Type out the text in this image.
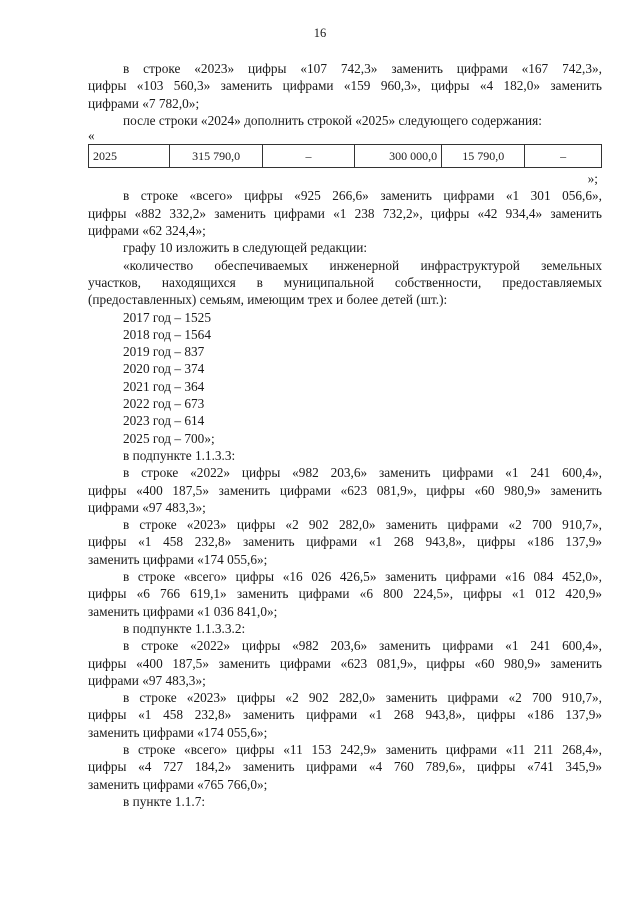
16
в строке «2023» цифры «107 742,3» заменить цифрами «167 742,3»,
цифры «103 560,3» заменить цифрами «159 960,3», цифры «4 182,0» заменить
цифрами «7 782,0»;
после строки «2024» дополнить строкой «2025» следующего содержания:
«
2025	315 790,0	–	300 000,0	15 790,0	–
»;
в строке «всего» цифры «925 266,6» заменить цифрами «1 301 056,6»,
цифры «882 332,2» заменить цифрами «1 238 732,2», цифры «42 934,4» заменить
цифрами «62 324,4»;
графу 10 изложить в следующей редакции:
«количество обеспечиваемых инженерной инфраструктурой земельных
участков, находящихся в муниципальной собственности, предоставляемых
(предоставленных) семьям, имеющим трех и более детей (шт.):
2017 год – 1525
2018 год – 1564
2019 год – 837
2020 год – 374
2021 год – 364
2022 год – 673
2023 год – 614
2025 год – 700»;
в подпункте 1.1.3.3:
в строке «2022» цифры «982 203,6» заменить цифрами «1 241 600,4»,
цифры «400 187,5» заменить цифрами «623 081,9», цифры «60 980,9» заменить
цифрами «97 483,3»;
в строке «2023» цифры «2 902 282,0» заменить цифрами «2 700 910,7»,
цифры «1 458 232,8» заменить цифрами «1 268 943,8», цифры «186 137,9»
заменить цифрами «174 055,6»;
в строке «всего» цифры «16 026 426,5» заменить цифрами «16 084 452,0»,
цифры «6 766 619,1» заменить цифрами «6 800 224,5», цифры «1 012 420,9»
заменить цифрами «1 036 841,0»;
в подпункте 1.1.3.3.2:
в строке «2022» цифры «982 203,6» заменить цифрами «1 241 600,4»,
цифры «400 187,5» заменить цифрами «623 081,9», цифры «60 980,9» заменить
цифрами «97 483,3»;
в строке «2023» цифры «2 902 282,0» заменить цифрами «2 700 910,7»,
цифры «1 458 232,8» заменить цифрами «1 268 943,8», цифры «186 137,9»
заменить цифрами «174 055,6»;
в строке «всего» цифры «11 153 242,9» заменить цифрами «11 211 268,4»,
цифры «4 727 184,2» заменить цифрами «4 760 789,6», цифры «741 345,9»
заменить цифрами «765 766,0»;
в пункте 1.1.7:
